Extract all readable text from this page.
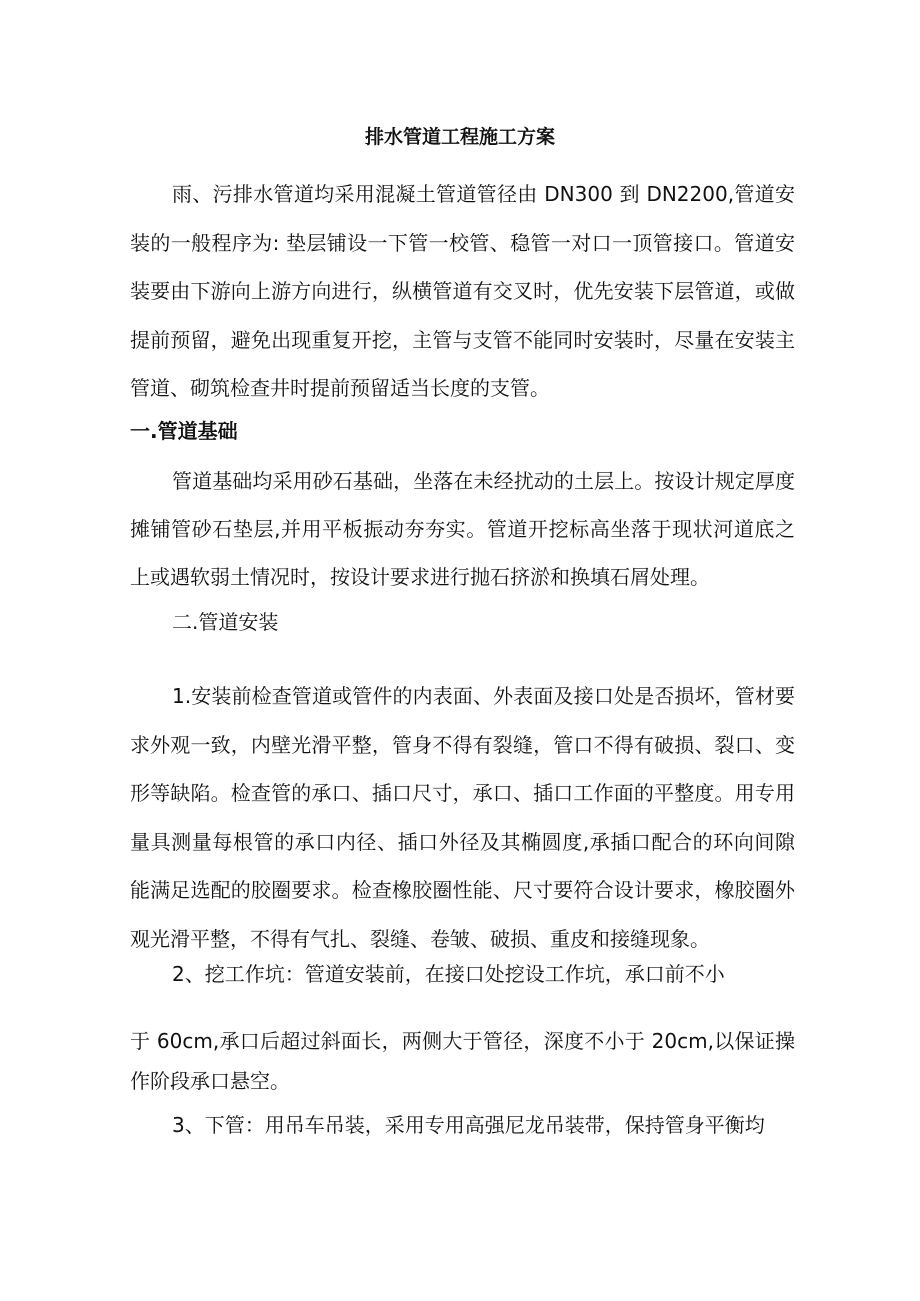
排水管道工程施工方案
雨、污排水管道均采用混凝土管道管径由 DN300 到 DN2200,管道安装的一般程序为: 垫层铺设一下管一校管、稳管一对口一顶管接口。管道安装要由下游向上游方向进行，纵横管道有交叉时，优先安装下层管道，或做提前预留，避免出现重复开挖，主管与支管不能同时安装时，尽量在安装主管道、砌筑检查井时提前预留适当长度的支管。
一.管道基础
管道基础均采用砂石基础，坐落在未经扰动的土层上。按设计规定厚度摊铺管砂石垫层,并用平板振动夯夯实。管道开挖标高坐落于现状河道底之上或遇软弱土情况时，按设计要求进行抛石挤淤和换填石屑处理。
二.管道安装
1.安装前检查管道或管件的内表面、外表面及接口处是否损坏，管材要求外观一致，内壁光滑平整，管身不得有裂缝，管口不得有破损、裂口、变形等缺陷。检查管的承口、插口尺寸，承口、插口工作面的平整度。用专用量具测量每根管的承口内径、插口外径及其椭圆度,承插口配合的环向间隙能满足选配的胶圈要求。检查橡胶圈性能、尺寸要符合设计要求，橡胶圈外观光滑平整，不得有气扎、裂缝、卷皱、破损、重皮和接缝现象。
2、挖工作坑：管道安装前，在接口处挖设工作坑，承口前不小
于 60cm,承口后超过斜面长，两侧大于管径，深度不小于 20cm,以保证操作阶段承口悬空。
3、下管：用吊车吊装，采用专用高强尼龙吊装带，保持管身平衡均
